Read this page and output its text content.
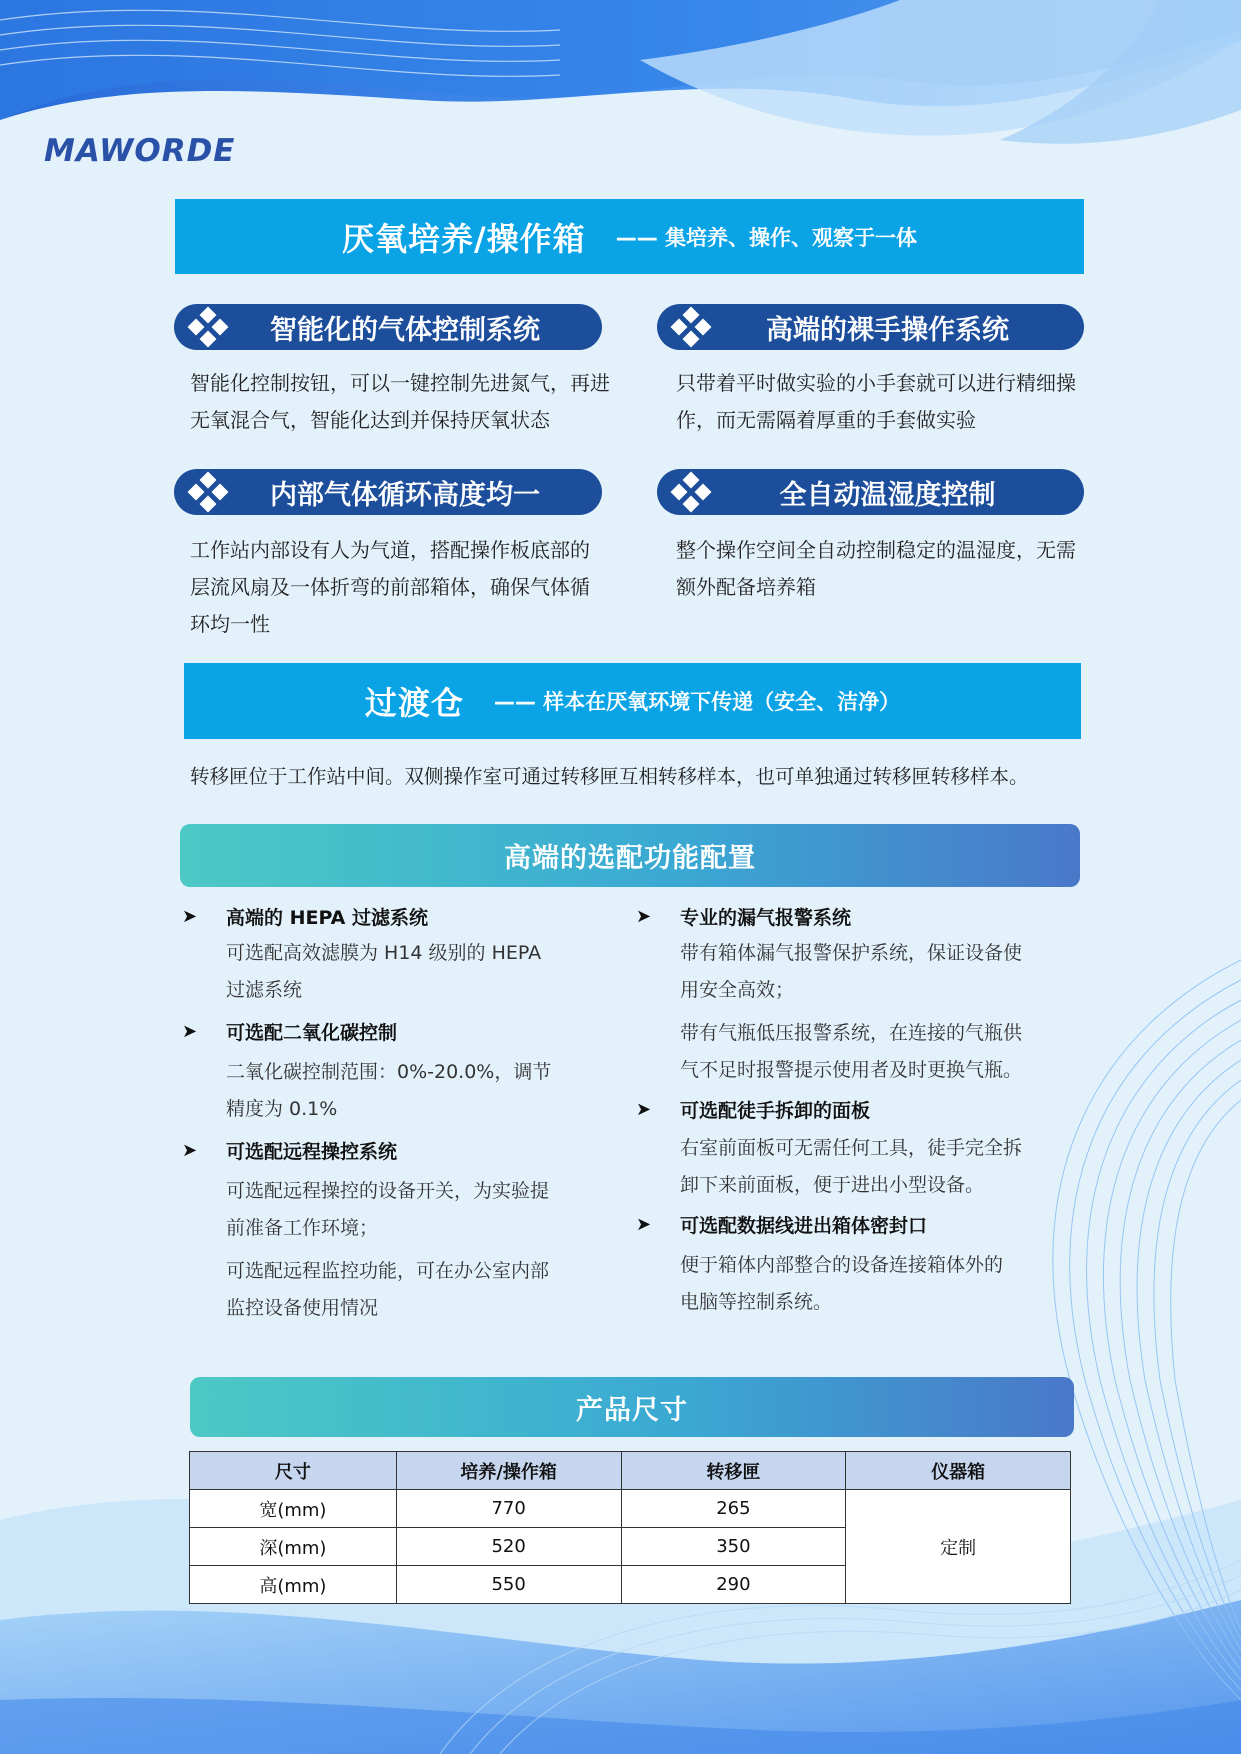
MAWORDE
厌氧培养/操作箱 —— 集培养、操作、观察于一体
智能化的气体控制系统
智能化控制按钮，可以一键控制先进氮气，再进无氧混合气，智能化达到并保持厌氧状态
高端的裸手操作系统
只带着平时做实验的小手套就可以进行精细操作，而无需隔着厚重的手套做实验
内部气体循环高度均一
工作站内部设有人为气道，搭配操作板底部的层流风扇及一体折弯的前部箱体，确保气体循环均一性
全自动温湿度控制
整个操作空间全自动控制稳定的温湿度，无需额外配备培养箱
过渡仓 —— 样本在厌氧环境下传递（安全、洁净）
转移匣位于工作站中间。双侧操作室可通过转移匣互相转移样本，也可单独通过转移匣转移样本。
高端的选配功能配置
➤	高端的 HEPA 过滤系统
可选配高效滤膜为 H14 级别的 HEPA
过滤系统
➤	可选配二氧化碳控制
二氧化碳控制范围：0%-20.0%，调节
精度为 0.1%
➤	可选配远程操控系统
可选配远程操控的设备开关，为实验提
前准备工作环境；
可选配远程监控功能，可在办公室内部
监控设备使用情况
➤	专业的漏气报警系统
带有箱体漏气报警保护系统，保证设备使
用安全高效；
带有气瓶低压报警系统，在连接的气瓶供
气不足时报警提示使用者及时更换气瓶。
➤	可选配徒手拆卸的面板
右室前面板可无需任何工具，徒手完全拆
卸下来前面板，便于进出小型设备。
➤	可选配数据线进出箱体密封口
便于箱体内部整合的设备连接箱体外的
电脑等控制系统。
产品尺寸
尺寸	培养/操作箱	转移匣	仪器箱
宽(mm)	770	265	定制
深(mm)	520	350	
高(mm)	550	290	
